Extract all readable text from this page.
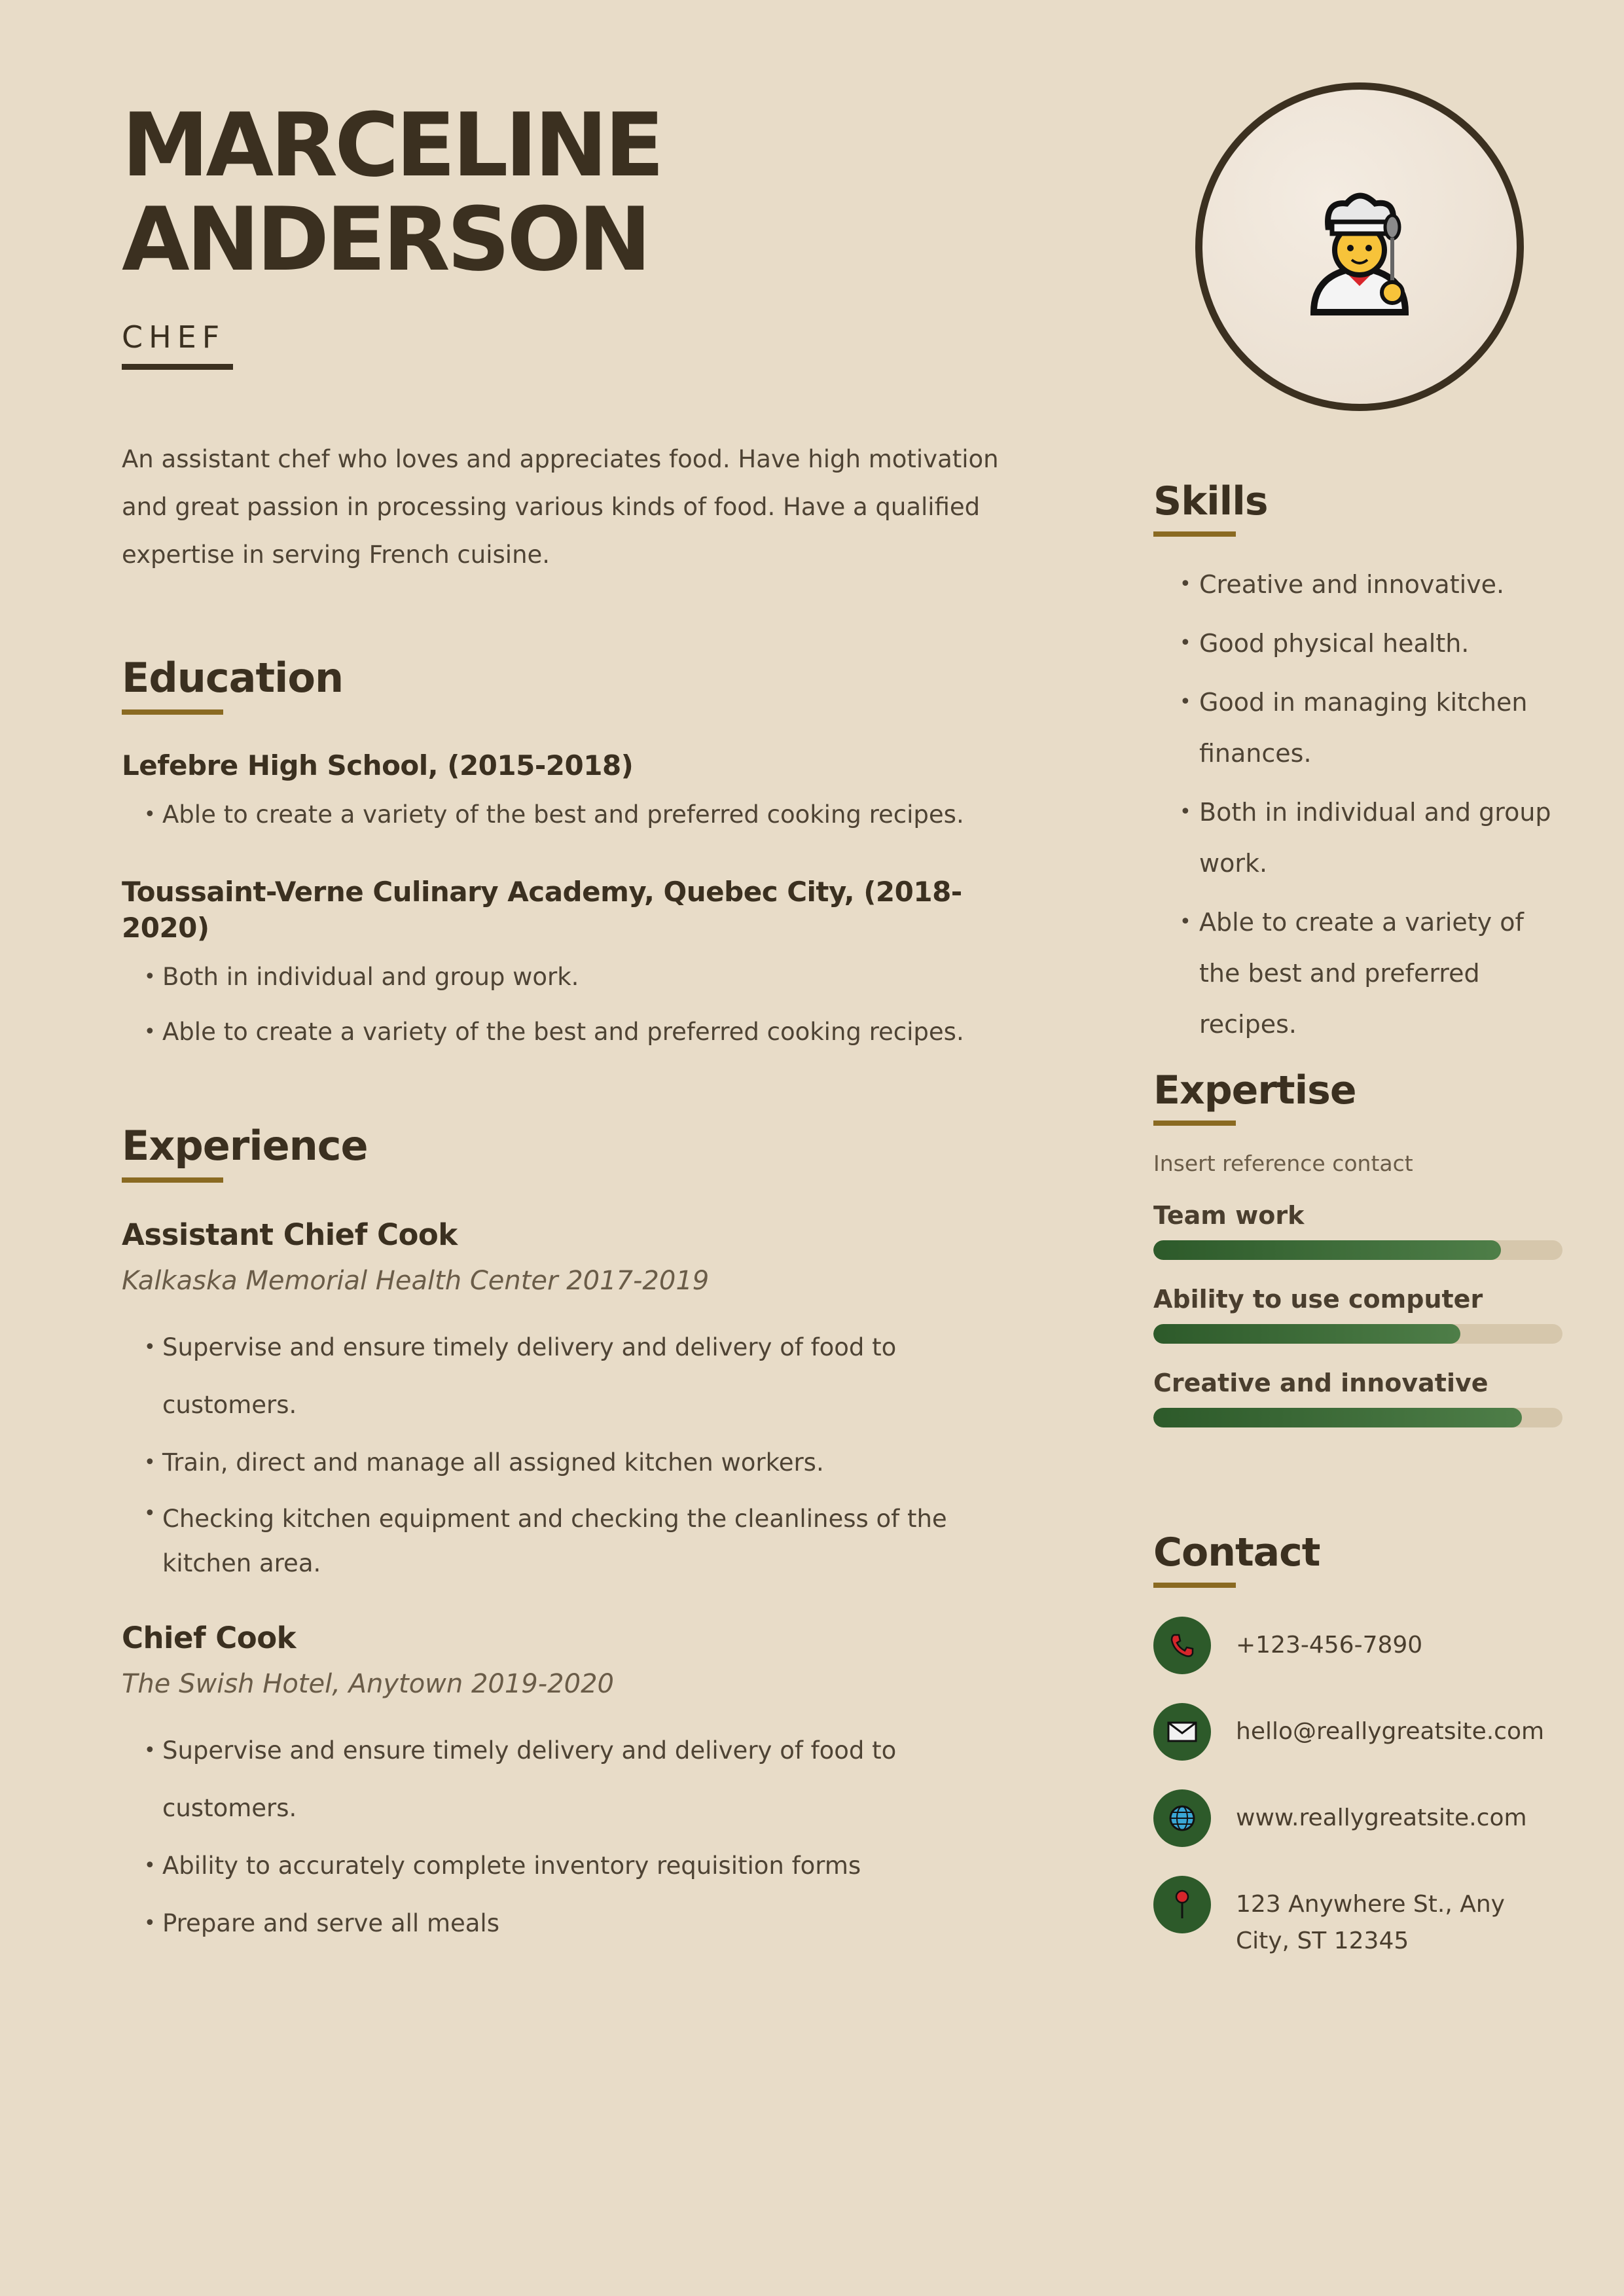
MARCELINE
ANDERSON
CHEF
An assistant chef who loves and appreciates food. Have high motivation and great passion in processing various kinds of food. Have a qualified expertise in serving French cuisine.
Education
Lefebre High School, (2015-2018)
• Able to create a variety of the best and preferred cooking recipes.
Toussaint-Verne Culinary Academy, Quebec City, (2018-2020)
• Both in individual and group work.
• Able to create a variety of the best and preferred cooking recipes.
Experience
Assistant Chief Cook
Kalkaska Memorial Health Center 2017-2019
• Supervise and ensure timely delivery and delivery of food to customers.
• Train, direct and manage all assigned kitchen workers.
• Checking kitchen equipment and checking the cleanliness of the kitchen area.
Chief Cook
The Swish Hotel, Anytown 2019-2020
• Supervise and ensure timely delivery and delivery of food to customers.
• Ability to accurately complete inventory requisition forms
• Prepare and serve all meals
Skills
• Creative and innovative.
• Good physical health.
• Good in managing kitchen finances.
• Both in individual and group work.
• Able to create a variety of the best and preferred recipes.
Expertise
Insert reference contact
Team work
Ability to use computer
Creative and innovative
Contact
+123-456-7890
hello@reallygreatsite.com
www.reallygreatsite.com
123 Anywhere St., Any City, ST 12345
